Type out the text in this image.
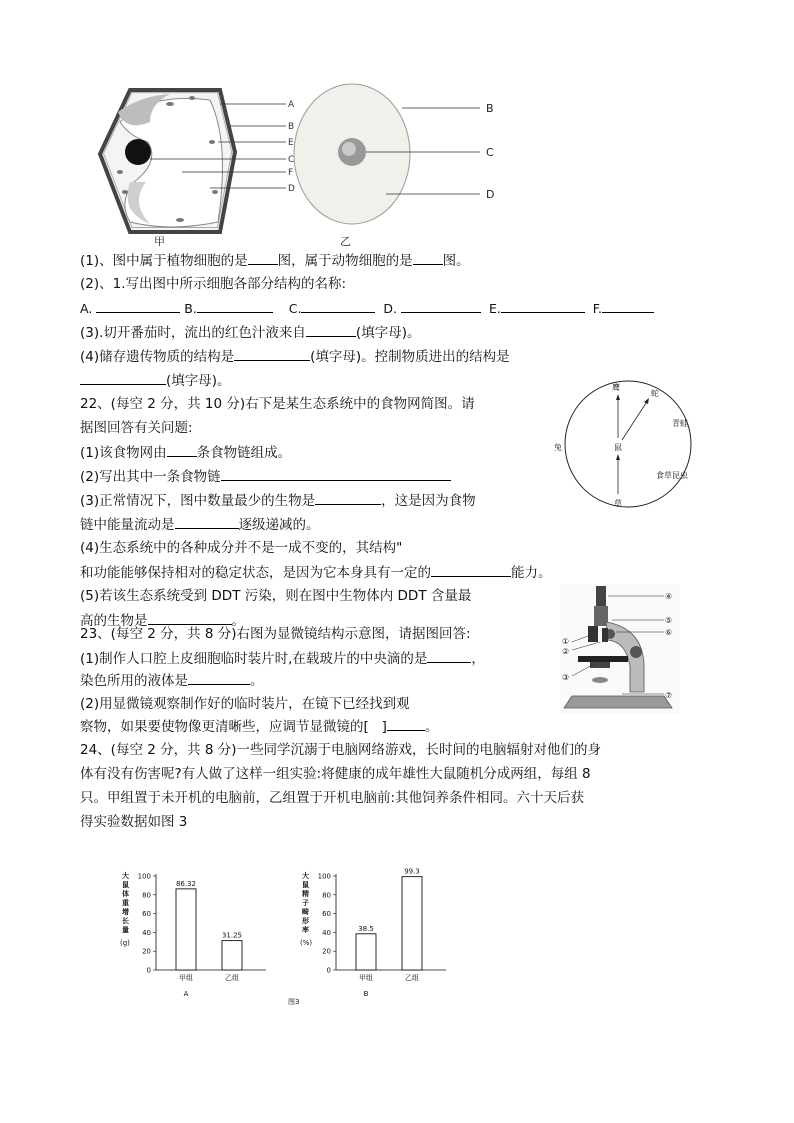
A
B
E
C
F
D
甲
B
C
D
乙
(1)、图中属于植物细胞的是 图，属于动物细胞的是 图。
(2)、1.写出图中所示细胞各部分结构的名称:
A.	B.	C.	D.	E.	F.
(3).切开番茄时，流出的红色汁液来自	(填字母)。
(4)储存遗传物质的结构是	(填字母)。控制物质进出的结构是
(填字母)。
22、(每空 2 分，共 10 分)右下是某生态系统中的食物网简图。请
据图回答有关问题:
(1)该食物网由 条食物链组成。
(2)写出其中一条食物链
(3)正常情况下，图中数量最少的生物是	，这是因为食物
链中能量流动是	逐级递减的。
(4)生态系统中的各种成分并不是一成不变的，其结构"
和功能能够保持相对的稳定状态，是因为它本身具有一定的	能力。
(5)若该生态系统受到 DDT 污染，则在图中生物体内 DDT 含量最
高的生物是	。
鹰
蛇
青蛙
兔	鼠
食草昆虫
草
23、(每空 2 分，共 8 分)右图为显微镜结构示意图，请据图回答:
(1)制作人口腔上皮细胞临时装片时,在载玻片的中央滴的是	，
染色所用的液体是	。
(2)用显微镜观察制作好的临时装片，在镜下已经找到观
察物，如果要使物像更清晰些，应调节显微镜的[ ]	。
④
⑤
⑥
①
②
③
⑦
24、(每空 2 分，共 8 分)一些同学沉溺于电脑网络游戏，长时间的电脑辐射对他们的身
体有没有伤害呢?有人做了这样一组实验:将健康的成年雄性大鼠随机分成两组，每组 8
只。甲组置于未开机的电脑前，乙组置于开机电脑前:其他饲养条件相同。六十天后获
得实验数据如图 3
图3
大
鼠
体
重
增
长
量
(g)
0
20
40
60
80
100
86.32
甲组
31.25
乙组
A
大
鼠
精
子
畸
形
率
(%)
0
20
40
60
80
100
38.5
甲组
99.3
乙组
B
